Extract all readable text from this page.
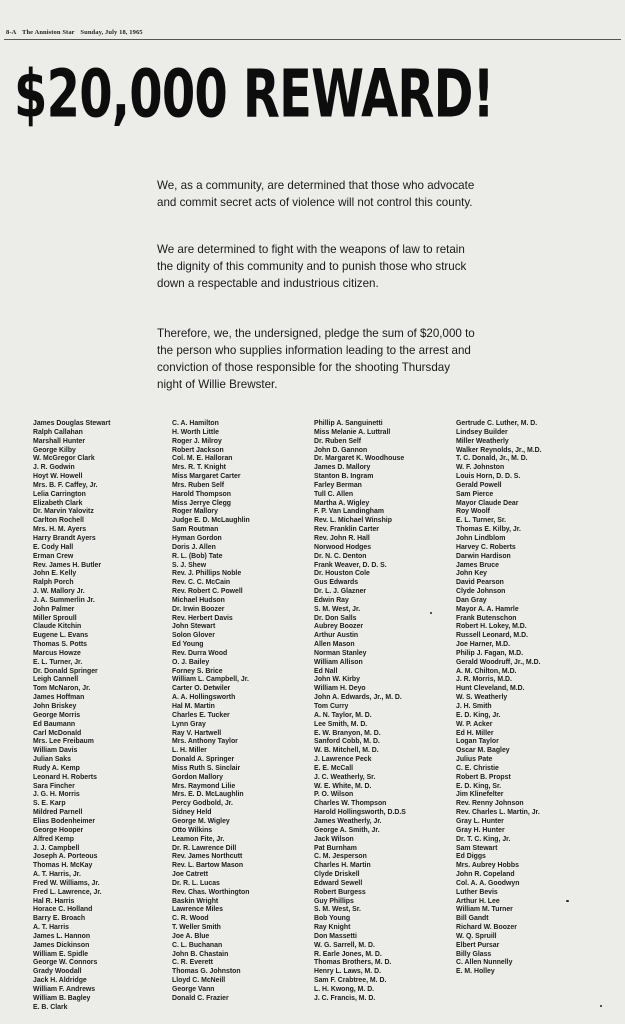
8-A The Anniston Star Sunday, July 18, 1965
$20,000 REWARD!
We, as a community, are determined that those who advocate and commit secret acts of violence will not control this county.
We are determined to fight with the weapons of law to retain the dignity of this community and to punish those who struck down a respectable and industrious citizen.
Therefore, we, the undersigned, pledge the sum of $20,000 to the person who supplies information leading to the arrest and conviction of those responsible for the shooting Thursday night of Willie Brewster.
James Douglas Stewart
Ralph Callahan
Marshall Hunter
George Kilby
W. McGregor Clark
J. R. Godwin
Hoyt W. Howell
Mrs. B. F. Caffey, Jr.
Lelia Carrington
Elizabeth Clark
Dr. Marvin Yalovitz
Carlton Rochell
Mrs. H. M. Ayers
Harry Brandt Ayers
E. Cody Hall
Erman Crew
Rev. James H. Butler
John E. Kelly
Ralph Porch
J. W. Mallory Jr.
J. A. Summerlin Jr.
John Palmer
Miller Sproull
Claude Kitchin
Eugene L. Evans
Thomas S. Potts
Marcus Howze
E. L. Turner, Jr.
Dr. Donald Springer
Leigh Cannell
Tom McNaron, Jr.
James Hoffman
John Briskey
George Morris
Ed Baumann
Carl McDonald
Mrs. Lee Freibaum
William Davis
Julian Saks
Rudy A. Kemp
Leonard H. Roberts
Sara Fincher
J. G. H. Morris
S. E. Karp
Mildred Parnell
Elias Bodenheimer
George Hooper
Alfred Kemp
J. J. Campbell
Joseph A. Porteous
Thomas H. McKay
A. T. Harris, Jr.
Fred W. Williams, Jr.
Fred L. Lawrence, Jr.
Hal R. Harris
Horace C. Holland
Barry E. Broach
A. T. Harris
James L. Hannon
James Dickinson
William E. Spidle
George W. Connors
Grady Woodall
Jack H. Aldridge
William F. Andrews
William B. Bagley
E. B. Clark
C. A. Hamilton
H. Worth Little
Roger J. Milroy
Robert Jackson
Col. M. E. Halloran
Mrs. R. T. Knight
Miss Margaret Carter
Mrs. Ruben Self
Harold Thompson
Miss Jerrye Clegg
Roger Mallory
Judge E. D. McLaughlin
Sam Routman
Hyman Gordon
Doris J. Allen
R. L. (Bob) Tate
S. J. Shew
Rev. J. Phillips Noble
Rev. C. C. McCain
Rev. Robert C. Powell
Michael Hudson
Dr. Irwin Boozer
Rev. Herbert Davis
John Stewart
Solon Glover
Ed Young
Rev. Durra Wood
O. J. Bailey
Forney S. Brice
William L. Campbell, Jr.
Carter O. Detwiler
A. A. Hollingsworth
Hal M. Martin
Charles E. Tucker
Lynn Gray
Ray V. Hartwell
Mrs. Anthony Taylor
L. H. Miller
Donald A. Springer
Miss Ruth S. Sinclair
Gordon Mallory
Mrs. Raymond Lilie
Mrs. E. D. McLaughlin
Percy Godbold, Jr.
Sidney Held
George M. Wigley
Otto Wilkins
Leamon Fite, Jr.
Dr. R. Lawrence Dill
Rev. James Northcutt
Rev. L. Bartow Mason
Joe Catrett
Dr. R. L. Lucas
Rev. Chas. Worthington
Baskin Wright
Lawrence Miles
C. R. Wood
T. Weller Smith
Joe A. Blue
C. L. Buchanan
John B. Chastain
C. R. Everett
Thomas G. Johnston
Lloyd C. McNeill
George Vann
Donald C. Frazier
Phillip A. Sanguinetti
Miss Melanie A. Luttrall
Dr. Ruben Self
John D. Gannon
Dr. Margaret K. Woodhouse
James D. Mallory
Stanton B. Ingram
Farley Berman
Tull C. Allen
Martha A. Wigley
F. P. Van Landingham
Rev. L. Michael Winship
Rev. Franklin Carter
Rev. John R. Hall
Norwood Hodges
Dr. N. C. Denton
Frank Weaver, D. D. S.
Dr. Houston Cole
Gus Edwards
Dr. L. J. Glazner
Edwin Ray
S. M. West, Jr.
Dr. Don Salls
Aubrey Boozer
Arthur Austin
Allen Mason
Norman Stanley
William Allison
Ed Nall
John W. Kirby
William H. Deyo
John A. Edwards, Jr., M. D.
Tom Curry
A. N. Taylor, M. D.
Lee Smith, M. D.
E. W. Branyon, M. D.
Sanford Cobb, M. D.
W. B. Mitchell, M. D.
J. Lawrence Peck
E. E. McCall
J. C. Weatherly, Sr.
W. E. White, M. D.
P. O. Wilson
Charles W. Thompson
Harold Hollingsworth, D.D.S
James Weatherly, Jr.
George A. Smith, Jr.
Jack Wilson
Pat Burnham
C. M. Jesperson
Charles H. Martin
Clyde Driskell
Edward Sewell
Robert Burgess
Guy Phillips
S. M. West, Sr.
Bob Young
Ray Knight
Don Massetti
W. G. Sarrell, M. D.
R. Earle Jones, M. D.
Thomas Brothers, M. D.
Henry L. Laws, M. D.
Sam F. Crabtree, M. D.
L. H. Kwong, M. D.
J. C. Francis, M. D.
Gertrude C. Luther, M. D.
Lindsey Builder
Miller Weatherly
Walker Reynolds, Jr., M.D.
T. C. Donald, Jr., M. D.
W. F. Johnston
Louis Horn, D. D. S.
Gerald Powell
Sam Pierce
Mayor Claude Dear
Roy Woolf
E. L. Turner, Sr.
Thomas E. Kilby, Jr.
John Lindblom
Harvey C. Roberts
Darwin Hardison
James Bruce
John Key
David Pearson
Clyde Johnson
Dan Gray
Mayor A. A. Hamrle
Frank Butenschon
Robert H. Lokey, M.D.
Russell Leonard, M.D.
Joe Harner, M.D.
Philip J. Fagan, M.D.
Gerald Woodruff, Jr., M.D.
A. M. Chilton, M.D.
J. R. Morris, M.D.
Hunt Cleveland, M.D.
W. S. Weatherly
J. H. Smith
E. D. King, Jr.
W. P. Acker
Ed H. Miller
Logan Taylor
Oscar M. Bagley
Julius Pate
C. E. Christie
Robert B. Propst
E. D. King, Sr.
Jim Klinefelter
Rev. Renny Johnson
Rev. Charles L. Martin, Jr.
Gray L. Hunter
Gray H. Hunter
Dr. T. C. King, Jr.
Sam Stewart
Ed Diggs
Mrs. Aubrey Hobbs
John R. Copeland
Col. A. A. Goodwyn
Luther Bevis
Arthur H. Lee
William M. Turner
Bill Gandt
Richard W. Boozer
W. Q. Spruill
Elbert Pursar
Billy Glass
C. Allen Nunnelly
E. M. Holley
